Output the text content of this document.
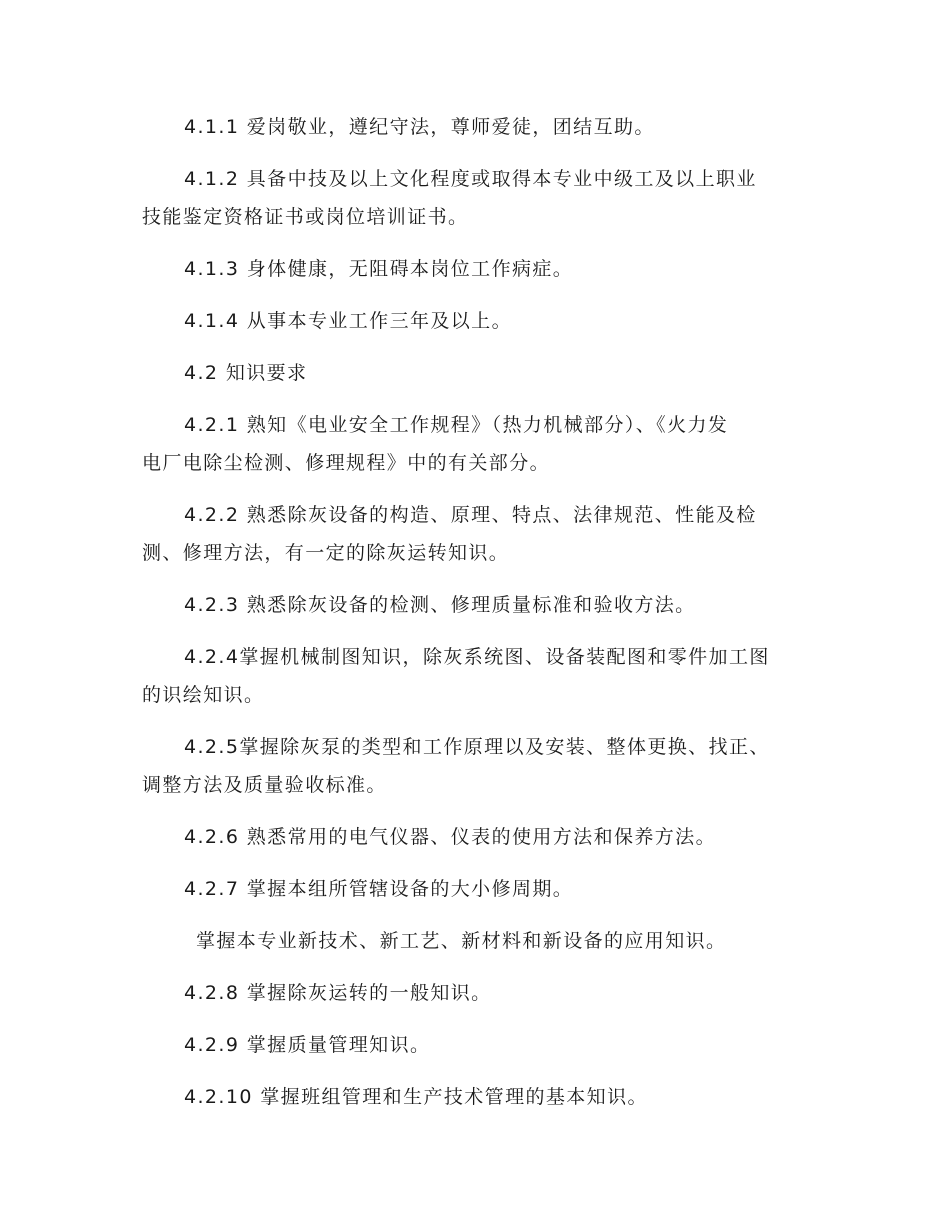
4.1.1 爱岗敬业，遵纪守法，尊师爱徒，团结互助。
4.1.2 具备中技及以上文化程度或取得本专业中级工及以上职业
技能鉴定资格证书或岗位培训证书。
4.1.3 身体健康，无阻碍本岗位工作病症。
4.1.4 从事本专业工作三年及以上。
4.2 知识要求
4.2.1 熟知《电业安全工作规程》（热力机械部分）、《火力发
电厂电除尘检测、修理规程》中的有关部分。
4.2.2 熟悉除灰设备的构造、原理、特点、法律规范、性能及检
测、修理方法，有一定的除灰运转知识。
4.2.3 熟悉除灰设备的检测、修理质量标准和验收方法。
4.2.4掌握机械制图知识，除灰系统图、设备装配图和零件加工图
的识绘知识。
4.2.5掌握除灰泵的类型和工作原理以及安装、整体更换、找正、
调整方法及质量验收标准。
4.2.6 熟悉常用的电气仪器、仪表的使用方法和保养方法。
4.2.7 掌握本组所管辖设备的大小修周期。
掌握本专业新技术、新工艺、新材料和新设备的应用知识。
4.2.8 掌握除灰运转的一般知识。
4.2.9 掌握质量管理知识。
4.2.10 掌握班组管理和生产技术管理的基本知识。
